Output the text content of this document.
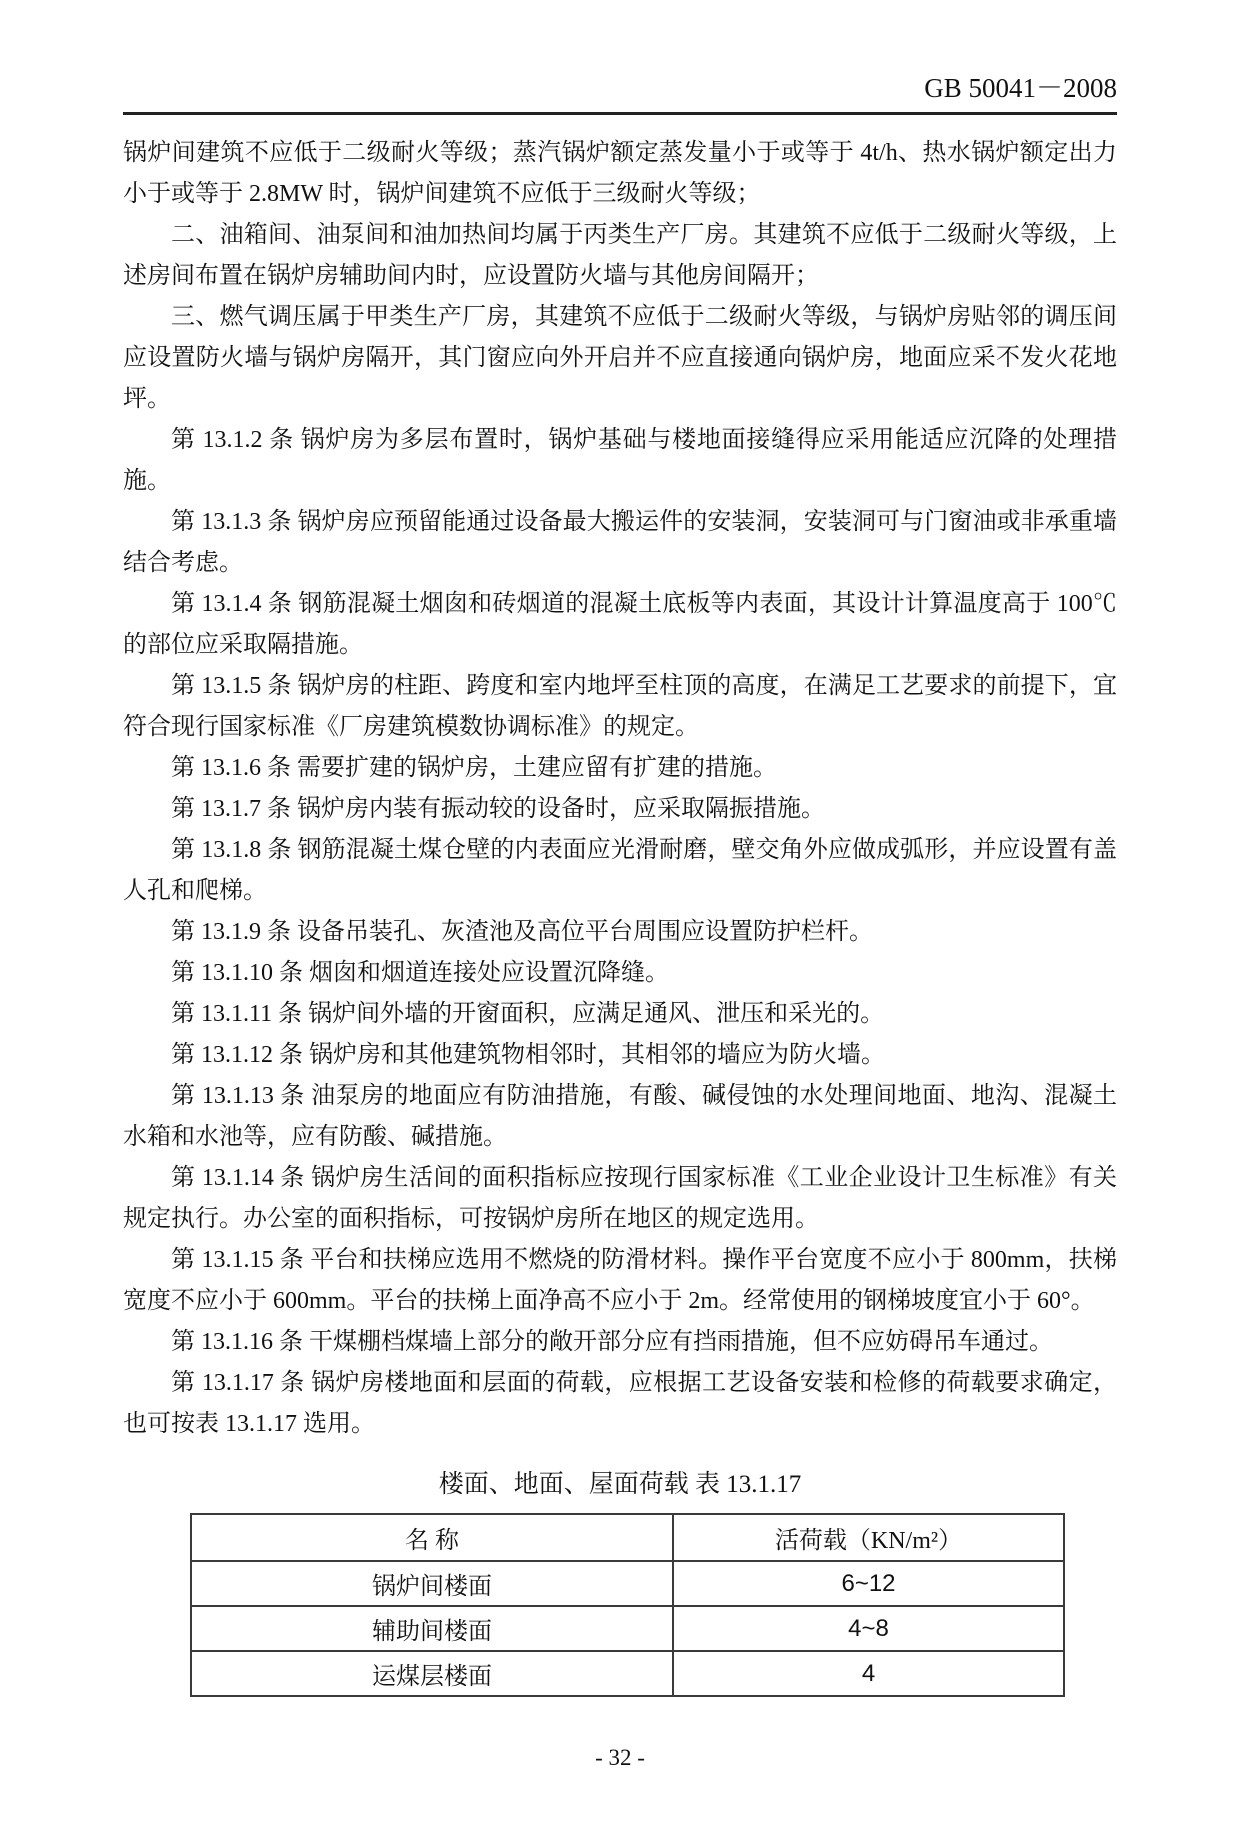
GB 50041－2008

锅炉间建筑不应低于二级耐火等级；蒸汽锅炉额定蒸发量小于或等于 4t/h、热水锅炉额定出力小于或等于 2.8MW 时，锅炉间建筑不应低于三级耐火等级；

二、油箱间、油泵间和油加热间均属于丙类生产厂房。其建筑不应低于二级耐火等级，上述房间布置在锅炉房辅助间内时，应设置防火墙与其他房间隔开；

三、燃气调压属于甲类生产厂房，其建筑不应低于二级耐火等级，与锅炉房贴邻的调压间应设置防火墙与锅炉房隔开，其门窗应向外开启并不应直接通向锅炉房，地面应采不发火花地坪。

第 13.1.2 条 锅炉房为多层布置时，锅炉基础与楼地面接缝得应采用能适应沉降的处理措施。

第 13.1.3 条 锅炉房应预留能通过设备最大搬运件的安装洞，安装洞可与门窗油或非承重墙结合考虑。

第 13.1.4 条 钢筋混凝土烟囱和砖烟道的混凝土底板等内表面，其设计计算温度高于 100℃的部位应采取隔措施。

第 13.1.5 条 锅炉房的柱距、跨度和室内地坪至柱顶的高度，在满足工艺要求的前提下，宜符合现行国家标准《厂房建筑模数协调标准》的规定。

第 13.1.6 条 需要扩建的锅炉房，土建应留有扩建的措施。

第 13.1.7 条 锅炉房内装有振动较的设备时，应采取隔振措施。

第 13.1.8 条 钢筋混凝土煤仓壁的内表面应光滑耐磨，壁交角外应做成弧形，并应设置有盖人孔和爬梯。

第 13.1.9 条 设备吊装孔、灰渣池及高位平台周围应设置防护栏杆。

第 13.1.10 条 烟囱和烟道连接处应设置沉降缝。

第 13.1.11 条 锅炉间外墙的开窗面积，应满足通风、泄压和采光的。

第 13.1.12 条 锅炉房和其他建筑物相邻时，其相邻的墙应为防火墙。

第 13.1.13 条 油泵房的地面应有防油措施，有酸、碱侵蚀的水处理间地面、地沟、混凝土水箱和水池等，应有防酸、碱措施。

第 13.1.14 条 锅炉房生活间的面积指标应按现行国家标准《工业企业设计卫生标准》有关规定执行。办公室的面积指标，可按锅炉房所在地区的规定选用。

第 13.1.15 条 平台和扶梯应选用不燃烧的防滑材料。操作平台宽度不应小于 800mm，扶梯宽度不应小于 600mm。平台的扶梯上面净高不应小于 2m。经常使用的钢梯坡度宜小于 60°。

第 13.1.16 条 干煤棚档煤墙上部分的敞开部分应有挡雨措施，但不应妨碍吊车通过。

第 13.1.17 条 锅炉房楼地面和层面的荷载，应根据工艺设备安装和检修的荷载要求确定，也可按表 13.1.17 选用。

楼面、地面、屋面荷载 表 13.1.17
名 称	活荷载（KN/m²）
锅炉间楼面	6~12
辅助间楼面	4~8
运煤层楼面	4
- 32 -
